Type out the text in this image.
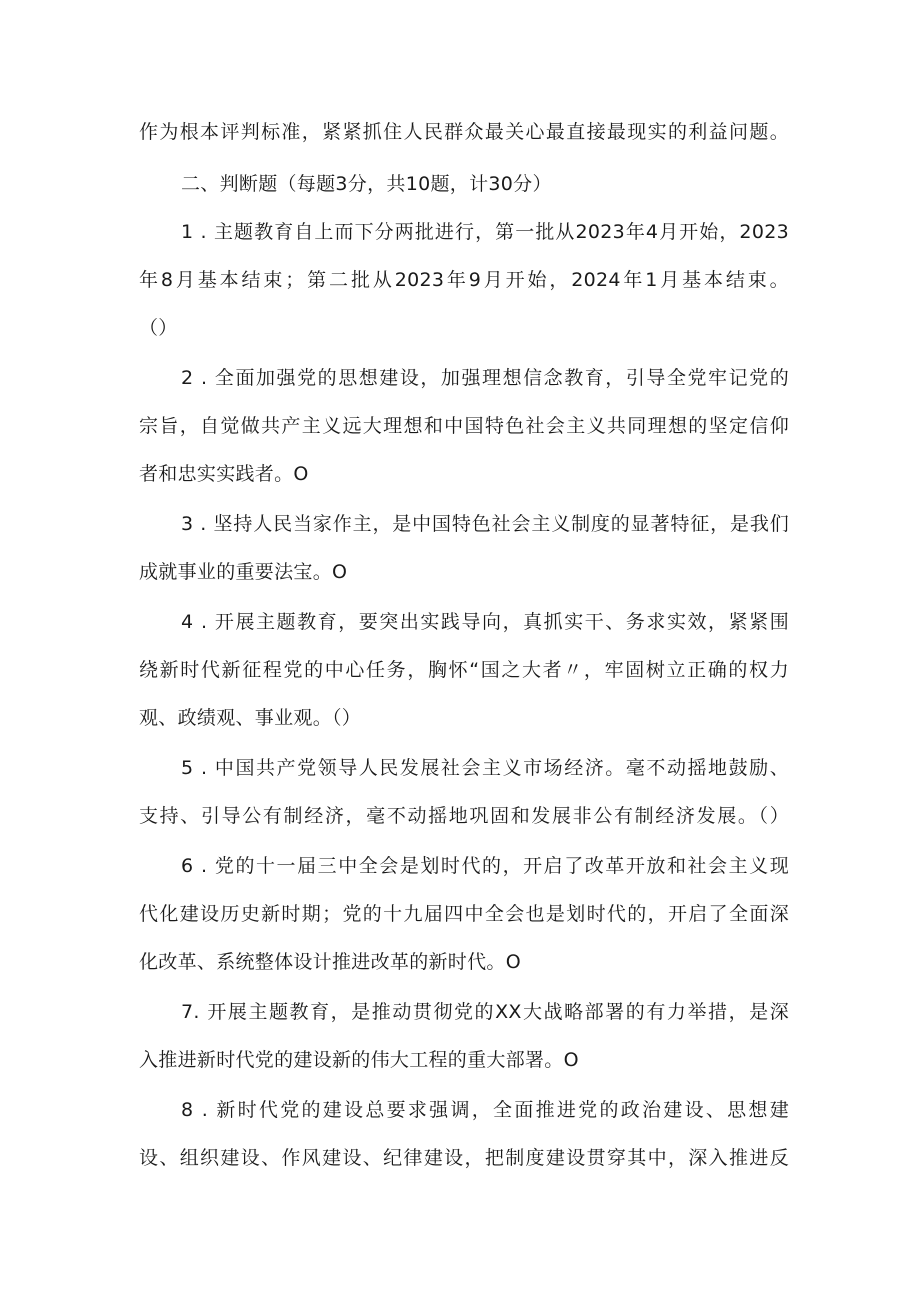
作为根本评判标准，紧紧抓住人民群众最关心最直接最现实的利益问题。
二、判断题（每题3分，共10题，计30分）
1 . 主题教育自上而下分两批进行，第一批从2023年4月开始，2023
年8月基本结束；第二批从2023年9月开始，2024年1月基本结束。
（）
2 . 全面加强党的思想建设，加强理想信念教育，引导全党牢记党的
宗旨，自觉做共产主义远大理想和中国特色社会主义共同理想的坚定信仰
者和忠实实践者。O
3 . 坚持人民当家作主，是中国特色社会主义制度的显著特征，是我们
成就事业的重要法宝。O
4 . 开展主题教育，要突出实践导向，真抓实干、务求实效，紧紧围
绕新时代新征程党的中心任务，胸怀“国之大者〃，牢固树立正确的权力
观、政绩观、事业观。（）
5 . 中国共产党领导人民发展社会主义市场经济。毫不动摇地鼓励、
支持、引导公有制经济，毫不动摇地巩固和发展非公有制经济发展。（）
6 . 党的十一届三中全会是划时代的，开启了改革开放和社会主义现
代化建设历史新时期；党的十九届四中全会也是划时代的，开启了全面深
化改革、系统整体设计推进改革的新时代。O
7. 开展主题教育，是推动贯彻党的XX大战略部署的有力举措，是深
入推进新时代党的建设新的伟大工程的重大部署。O
8 . 新时代党的建设总要求强调，全面推进党的政治建设、思想建
设、组织建设、作风建设、纪律建设，把制度建设贯穿其中，深入推进反
